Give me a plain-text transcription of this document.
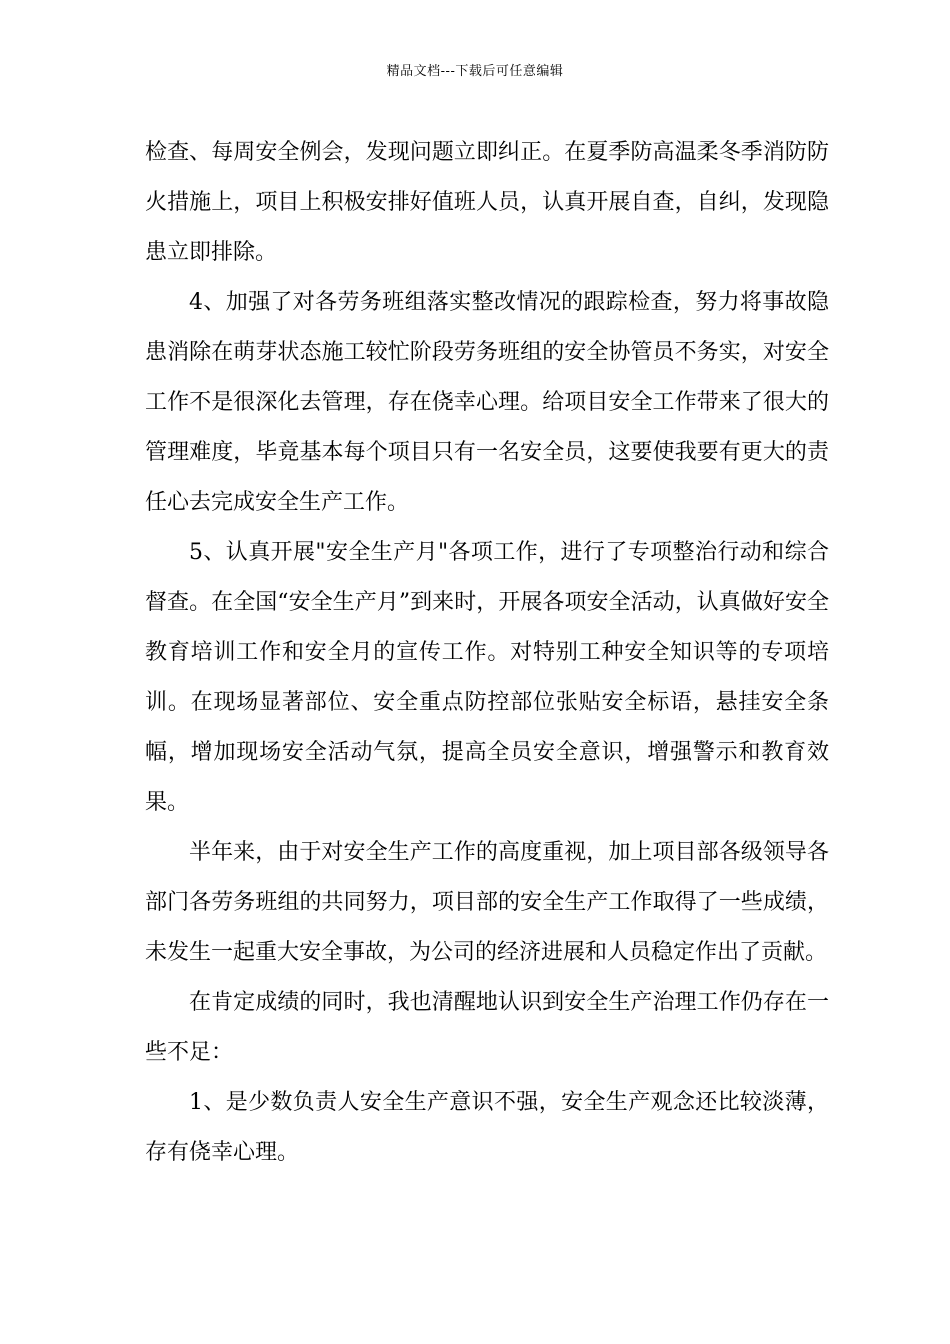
精品文档---下载后可任意编辑

检查、每周安全例会，发现问题立即纠正。在夏季防高温柔冬季消防防火措施上，项目上积极安排好值班人员，认真开展自查，自纠，发现隐患立即排除。

4、加强了对各劳务班组落实整改情况的跟踪检查，努力将事故隐患消除在萌芽状态施工较忙阶段劳务班组的安全协管员不务实，对安全工作不是很深化去管理，存在侥幸心理。给项目安全工作带来了很大的管理难度，毕竟基本每个项目只有一名安全员，这要使我要有更大的责任心去完成安全生产工作。

5、认真开展"安全生产月"各项工作，进行了专项整治行动和综合督查。在全国“安全生产月”到来时，开展各项安全活动，认真做好安全教育培训工作和安全月的宣传工作。对特别工种安全知识等的专项培训。在现场显著部位、安全重点防控部位张贴安全标语，悬挂安全条幅，增加现场安全活动气氛，提高全员安全意识，增强警示和教育效果。

半年来，由于对安全生产工作的高度重视，加上项目部各级领导各部门各劳务班组的共同努力，项目部的安全生产工作取得了一些成绩，未发生一起重大安全事故，为公司的经济进展和人员稳定作出了贡献。

在肯定成绩的同时，我也清醒地认识到安全生产治理工作仍存在一些不足：

1、是少数负责人安全生产意识不强，安全生产观念还比较淡薄，存有侥幸心理。
